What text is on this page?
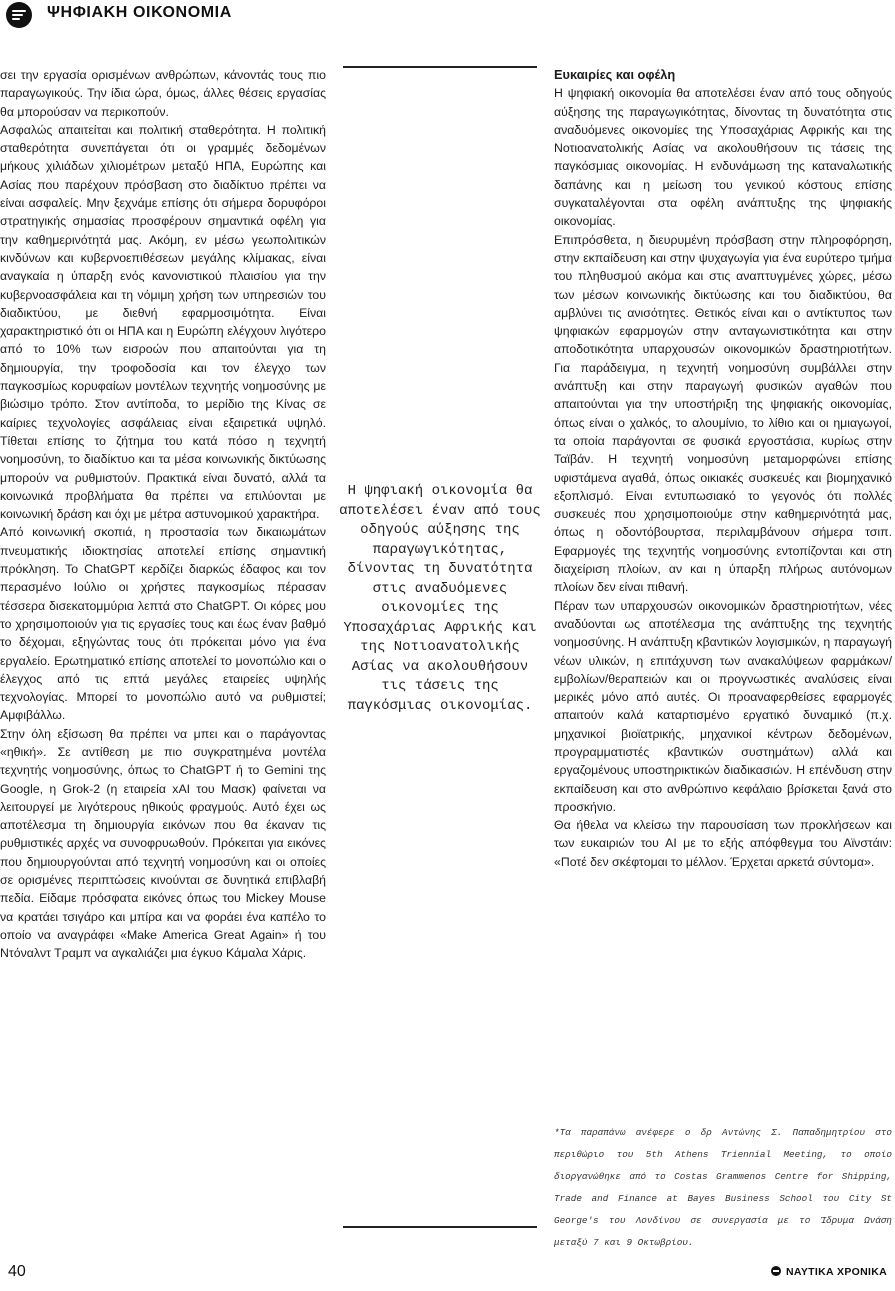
ΨΗΦΙΑΚΗ ΟΙΚΟΝΟΜΙΑ

σει την εργασία ορισμένων ανθρώπων, κάνοντάς τους πιο παραγωγικούς. Την ίδια ώρα, όμως, άλλες θέσεις εργασίας θα μπορούσαν να περικοπούν.

Ασφαλώς απαιτείται και πολιτική σταθερότητα. Η πολιτική σταθερότητα συνεπάγεται ότι οι γραμμές δεδομένων μήκους χιλιάδων χιλιομέτρων μεταξύ ΗΠΑ, Ευρώπης και Ασίας που παρέχουν πρόσβαση στο διαδίκτυο πρέπει να είναι ασφαλείς. Μην ξεχνάμε επίσης ότι σήμερα δορυφόροι στρατηγικής σημασίας προσφέρουν σημαντικά οφέλη για την καθημερινότητά μας. Ακόμη, εν μέσω γεωπολιτικών κινδύνων και κυβερνοεπιθέσεων μεγάλης κλίμακας, είναι αναγκαία η ύπαρξη ενός κανονιστικού πλαισίου για την κυβερνοασφάλεια και τη νόμιμη χρήση των υπηρεσιών του διαδικτύου, με διεθνή εφαρμοσιμότητα. Είναι χαρακτηριστικό ότι οι ΗΠΑ και η Ευρώπη ελέγχουν λιγότερο από το 10% των εισροών που απαιτούνται για τη δημιουργία, την τροφοδοσία και τον έλεγχο των παγκοσμίως κορυφαίων μοντέλων τεχνητής νοημοσύνης με βιώσιμο τρόπο. Στον αντίποδα, το μερίδιο της Κίνας σε καίριες τεχνολογίες ασφάλειας είναι εξαιρετικά υψηλό. Τίθεται επίσης το ζήτημα του κατά πόσο η τεχνητή νοημοσύνη, το διαδίκτυο και τα μέσα κοινωνικής δικτύωσης μπορούν να ρυθμιστούν. Πρακτικά είναι δυνατό, αλλά τα κοινωνικά προβλήματα θα πρέπει να επιλύονται με κοινωνική δράση και όχι με μέτρα αστυνομικού χαρακτήρα.

Από κοινωνική σκοπιά, η προστασία των δικαιωμάτων πνευματικής ιδιοκτησίας αποτελεί επίσης σημαντική πρόκληση. Το ChatGPT κερδίζει διαρκώς έδαφος και τον περασμένο Ιούλιο οι χρήστες παγκοσμίως πέρασαν τέσσερα δισεκατομμύρια λεπτά στο ChatGPT. Οι κόρες μου το χρησιμοποιούν για τις εργασίες τους και έως έναν βαθμό το δέχομαι, εξηγώντας τους ότι πρόκειται μόνο για ένα εργαλείο. Ερωτηματικό επίσης αποτελεί το μονοπώλιο και ο έλεγχος από τις επτά μεγάλες εταιρείες υψηλής τεχνολογίας. Μπορεί το μονοπώλιο αυτό να ρυθμιστεί; Αμφιβάλλω.

Στην όλη εξίσωση θα πρέπει να μπει και ο παράγοντας «ηθική». Σε αντίθεση με πιο συγκρατημένα μοντέλα τεχνητής νοημοσύνης, όπως το ChatGPT ή το Gemini της Google, η Grok-2 (η εταιρεία xAI του Μασκ) φαίνεται να λειτουργεί με λιγότερους ηθικούς φραγμούς. Αυτό έχει ως αποτέλεσμα τη δημιουργία εικόνων που θα έκαναν τις ρυθμιστικές αρχές να συνοφρυωθούν. Πρόκειται για εικόνες που δημιουργούνται από τεχνητή νοημοσύνη και οι οποίες σε ορισμένες περιπτώσεις κινούνται σε δυνητικά επιβλαβή πεδία. Είδαμε πρόσφατα εικόνες όπως του Mickey Mouse να κρατάει τσιγάρο και μπίρα και να φοράει ένα καπέλο το οποίο να αναγράφει «Make America Great Again» ή του Ντόναλντ Τραμπ να αγκαλιάζει μια έγκυο Κάμαλα Χάρις.

Η ψηφιακή οικονομία θα αποτελέσει έναν από τους οδηγούς αύξησης της παραγωγικότητας, δίνοντας τη δυνατότητα στις αναδυόμενες οικονομίες της Υποσαχάριας Αφρικής και της Νοτιοανατολικής Ασίας να ακολουθήσουν τις τάσεις της παγκόσμιας οικονομίας.
Ευκαιρίες και οφέλη

Η ψηφιακή οικονομία θα αποτελέσει έναν από τους οδηγούς αύξησης της παραγωγικότητας, δίνοντας τη δυνατότητα στις αναδυόμενες οικονομίες της Υποσαχάριας Αφρικής και της Νοτιοανατολικής Ασίας να ακολουθήσουν τις τάσεις της παγκόσμιας οικονομίας. Η ενδυνάμωση της καταναλωτικής δαπάνης και η μείωση του γενικού κόστους επίσης συγκαταλέγονται στα οφέλη ανάπτυξης της ψηφιακής οικονομίας.

Επιπρόσθετα, η διευρυμένη πρόσβαση στην πληροφόρηση, στην εκπαίδευση και στην ψυχαγωγία για ένα ευρύτερο τμήμα του πληθυσμού ακόμα και στις αναπτυγμένες χώρες, μέσω των μέσων κοινωνικής δικτύωσης και του διαδικτύου, θα αμβλύνει τις ανισότητες. Θετικός είναι και ο αντίκτυπος των ψηφιακών εφαρμογών στην ανταγωνιστικότητα και στην αποδοτικότητα υπαρχουσών οικονομικών δραστηριοτήτων. Για παράδειγμα, η τεχνητή νοημοσύνη συμβάλλει στην ανάπτυξη και στην παραγωγή φυσικών αγαθών που απαιτούνται για την υποστήριξη της ψηφιακής οικονομίας, όπως είναι ο χαλκός, το αλουμίνιο, το λίθιο και οι ημιαγωγοί, τα οποία παράγονται σε φυσικά εργοστάσια, κυρίως στην Ταϊβάν. Η τεχνητή νοημοσύνη μεταμορφώνει επίσης υφιστάμενα αγαθά, όπως οικιακές συσκευές και βιομηχανικό εξοπλισμό. Είναι εντυπωσιακό το γεγονός ότι πολλές συσκευές που χρησιμοποιούμε στην καθημερινότητά μας, όπως η οδοντόβουρτσα, περιλαμβάνουν σήμερα τσιπ. Εφαρμογές της τεχνητής νοημοσύνης εντοπίζονται και στη διαχείριση πλοίων, αν και η ύπαρξη πλήρως αυτόνομων πλοίων δεν είναι πιθανή.

Πέραν των υπαρχουσών οικονομικών δραστηριοτήτων, νέες αναδύονται ως αποτέλεσμα της ανάπτυξης της τεχνητής νοημοσύνης. Η ανάπτυξη κβαντικών λογισμικών, η παραγωγή νέων υλικών, η επιτάχυνση των ανακαλύψεων φαρμάκων/εμβολίων/θεραπειών και οι προγνωστικές αναλύσεις είναι μερικές μόνο από αυτές. Οι προαναφερθείσες εφαρμογές απαιτούν καλά καταρτισμένο εργατικό δυναμικό (π.χ. μηχανικοί βιοϊατρικής, μηχανικοί κέντρων δεδομένων, προγραμματιστές κβαντικών συστημάτων) αλλά και εργαζομένους υποστηρικτικών διαδικασιών. Η επένδυση στην εκπαίδευση και στο ανθρώπινο κεφάλαιο βρίσκεται ξανά στο προσκήνιο.

Θα ήθελα να κλείσω την παρουσίαση των προκλήσεων και των ευκαιριών του AI με το εξής απόφθεγμα του Αϊνστάιν: «Ποτέ δεν σκέφτομαι το μέλλον. Έρχεται αρκετά σύντομα».

*Τα παραπάνω ανέφερε ο δρ Αντώνης Σ. Παπαδημητρίου στο περιθώριο του 5th Athens Triennial Meeting, το οποίο διοργανώθηκε από το Costas Grammenos Centre for Shipping, Trade and Finance at Bayes Business School του City St George's του Λονδίνου σε συνεργασία με το Ίδρυμα Ωνάση μεταξύ 7 και 9 Οκτωβρίου.
40	ΝΑΥΤΙΚΑ ΧΡΟΝΙΚΑ
